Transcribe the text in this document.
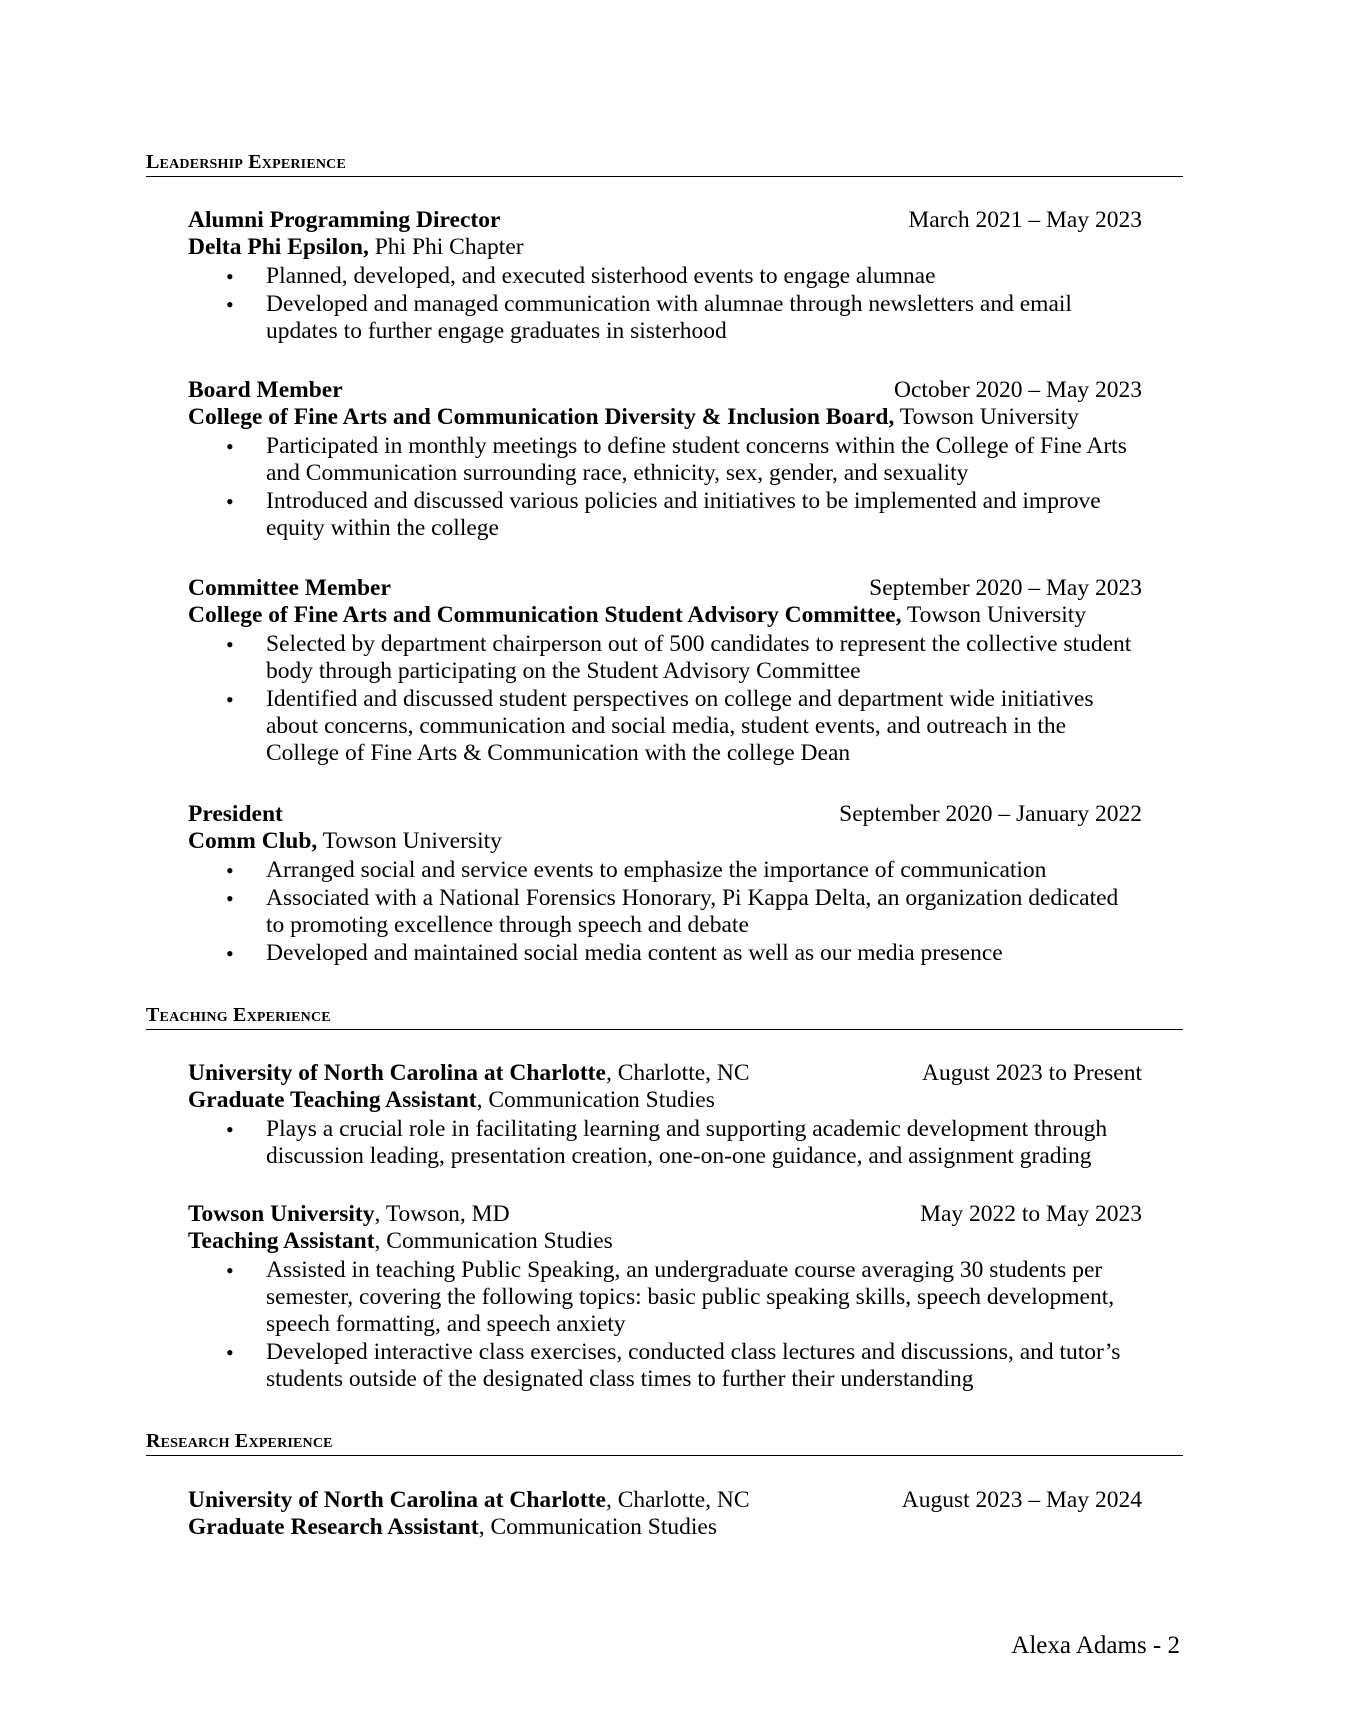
Leadership Experience
Alumni Programming Director	March 2021 – May 2023
Delta Phi Epsilon, Phi Phi Chapter
• Planned, developed, and executed sisterhood events to engage alumnae
• Developed and managed communication with alumnae through newsletters and email updates to further engage graduates in sisterhood
Board Member	October 2020 – May 2023
College of Fine Arts and Communication Diversity & Inclusion Board, Towson University
• Participated in monthly meetings to define student concerns within the College of Fine Arts and Communication surrounding race, ethnicity, sex, gender, and sexuality
• Introduced and discussed various policies and initiatives to be implemented and improve equity within the college
Committee Member	September 2020 – May 2023
College of Fine Arts and Communication Student Advisory Committee, Towson University
• Selected by department chairperson out of 500 candidates to represent the collective student body through participating on the Student Advisory Committee
• Identified and discussed student perspectives on college and department wide initiatives about concerns, communication and social media, student events, and outreach in the College of Fine Arts & Communication with the college Dean
President	September 2020 – January 2022
Comm Club, Towson University
• Arranged social and service events to emphasize the importance of communication
• Associated with a National Forensics Honorary, Pi Kappa Delta, an organization dedicated to promoting excellence through speech and debate
• Developed and maintained social media content as well as our media presence
Teaching Experience
University of North Carolina at Charlotte, Charlotte, NC	August 2023 to Present
Graduate Teaching Assistant, Communication Studies
• Plays a crucial role in facilitating learning and supporting academic development through discussion leading, presentation creation, one-on-one guidance, and assignment grading
Towson University, Towson, MD	May 2022 to May 2023
Teaching Assistant, Communication Studies
• Assisted in teaching Public Speaking, an undergraduate course averaging 30 students per semester, covering the following topics: basic public speaking skills, speech development, speech formatting, and speech anxiety
• Developed interactive class exercises, conducted class lectures and discussions, and tutor’s students outside of the designated class times to further their understanding
Research Experience
University of North Carolina at Charlotte, Charlotte, NC	August 2023 – May 2024
Graduate Research Assistant, Communication Studies
Alexa Adams - 2
